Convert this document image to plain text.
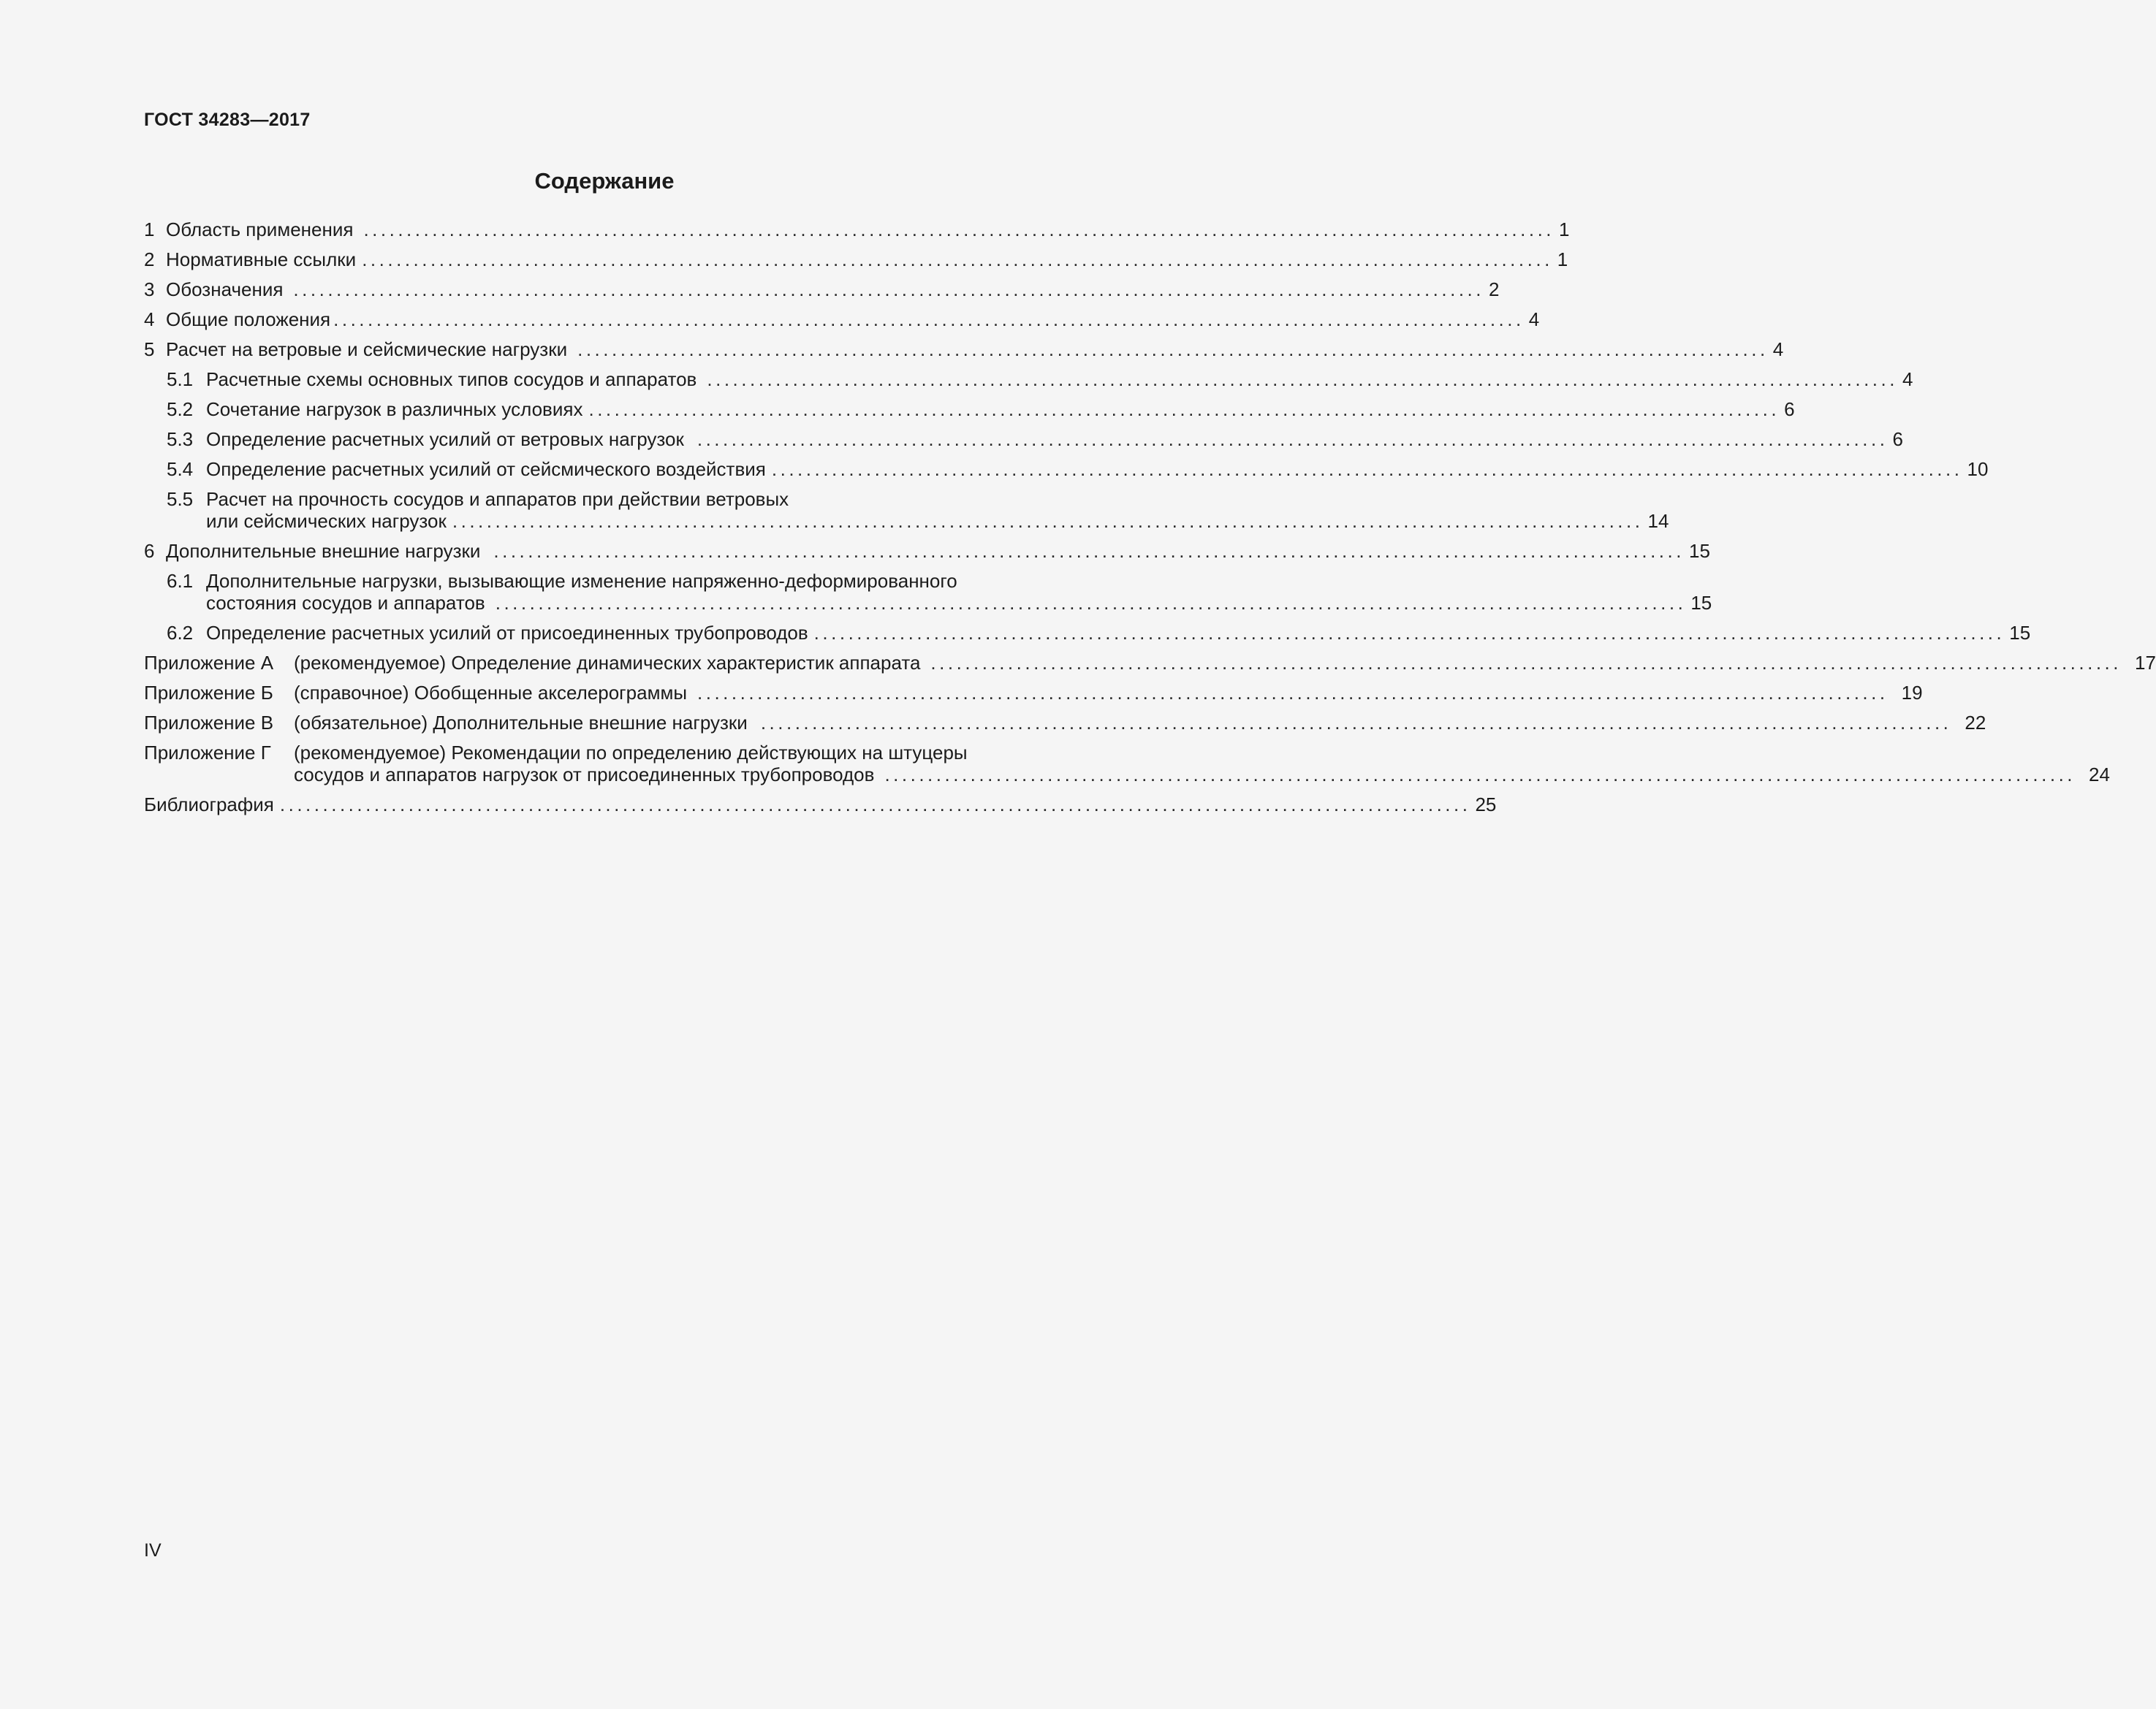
ГОСТ 34283—2017
Содержание
1 Область применения ........................................................................................................................................... 1
2 Нормативные ссылки ........................................................................................................................................... 1
3 Обозначения ........................................................................................................................................... 2
4 Общие положения ........................................................................................................................................... 4
5 Расчет на ветровые и сейсмические нагрузки ........................................................................................................................................... 4
5.1 Расчетные схемы основных типов сосудов и аппаратов ........................................................................................................................................... 4
5.2 Сочетание нагрузок в различных условиях ........................................................................................................................................... 6
5.3 Определение расчетных усилий от ветровых нагрузок ........................................................................................................................................... 6
5.4 Определение расчетных усилий от сейсмического воздействия ........................................................................................................................................... 10
5.5 Расчет на прочность сосудов и аппаратов при действии ветровых
или сейсмических нагрузок ........................................................................................................................................... 14
6 Дополнительные внешние нагрузки ........................................................................................................................................... 15
6.1 Дополнительные нагрузки, вызывающие изменение напряженно-деформированного
состояния сосудов и аппаратов ........................................................................................................................................... 15
6.2 Определение расчетных усилий от присоединенных трубопроводов ........................................................................................................................................... 15
Приложение А	(рекомендуемое) Определение динамических характеристик аппарата ........................................................................................................................................... 17
Приложение Б	(справочное) Обобщенные акселерограммы ........................................................................................................................................... 19
Приложение В	(обязательное) Дополнительные внешние нагрузки ........................................................................................................................................... 22
Приложение Г	(рекомендуемое) Рекомендации по определению действующих на штуцеры
сосудов и аппаратов нагрузок от присоединенных трубопроводов ........................................................................................................................................... 24
Библиография ........................................................................................................................................... 25
IV
